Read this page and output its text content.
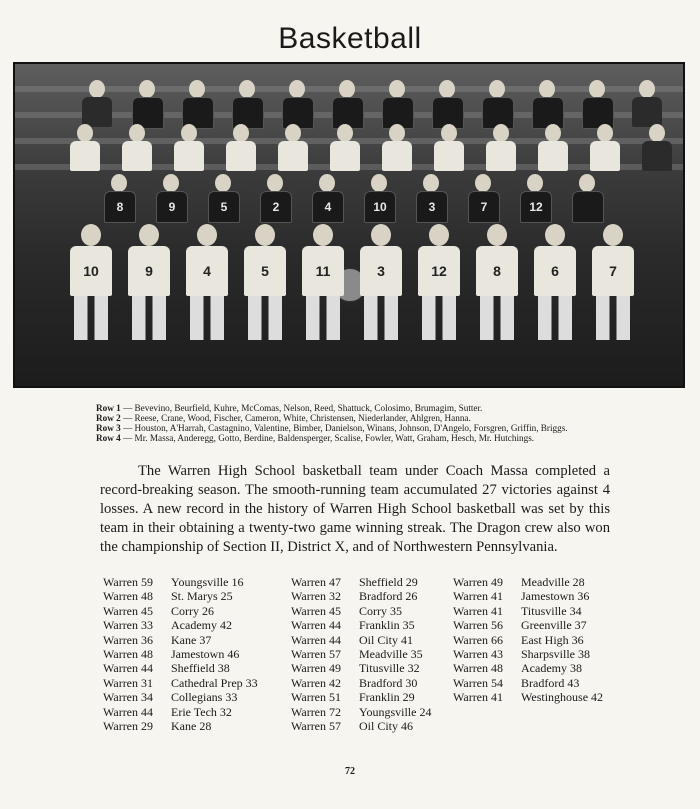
Basketball
8	9	5	2	4	10	3	7	12
10	9	4	5	11	3	12	8	6	7
Row 1 — Bevevino, Beurfield, Kuhre, McComas, Nelson, Reed, Shattuck, Colosimo, Brumagim, Sutter.
Row 2 — Reese, Crane, Wood, Fischer, Cameron, White, Christensen, Niederlander, Ahlgren, Hanna.
Row 3 — Houston, A'Harrah, Castagnino, Valentine, Bimber, Danielson, Winans, Johnson, D'Angelo, Forsgren, Griffin, Briggs.
Row 4 — Mr. Massa, Anderegg, Gotto, Berdine, Baldensperger, Scalise, Fowler, Watt, Graham, Hesch, Mr. Hutchings.
The Warren High School basketball team under Coach Massa completed a record-breaking season. The smooth-running team accumulated 27 victories against 4 losses. A new record in the history of Warren High School basketball was set by this team in their obtaining a twenty-two game winning streak. The Dragon crew also won the championship of Section II, District X, and of Northwestern Pennsylvania.
Warren 59	Youngsville 16
Warren 48	St. Marys 25
Warren 45	Corry 26
Warren 33	Academy 42
Warren 36	Kane 37
Warren 48	Jamestown 46
Warren 44	Sheffield 38
Warren 31	Cathedral Prep 33
Warren 34	Collegians 33
Warren 44	Erie Tech 32
Warren 29	Kane 28
Warren 47	Sheffield 29
Warren 32	Bradford 26
Warren 45	Corry 35
Warren 44	Franklin 35
Warren 44	Oil City 41
Warren 57	Meadville 35
Warren 49	Titusville 32
Warren 42	Bradford 30
Warren 51	Franklin 29
Warren 72	Youngsville 24
Warren 57	Oil City 46
Warren 49	Meadville 28
Warren 41	Jamestown 36
Warren 41	Titusville 34
Warren 56	Greenville 37
Warren 66	East High 36
Warren 43	Sharpsville 38
Warren 48	Academy 38
Warren 54	Bradford 43
Warren 41	Westinghouse 42
72
